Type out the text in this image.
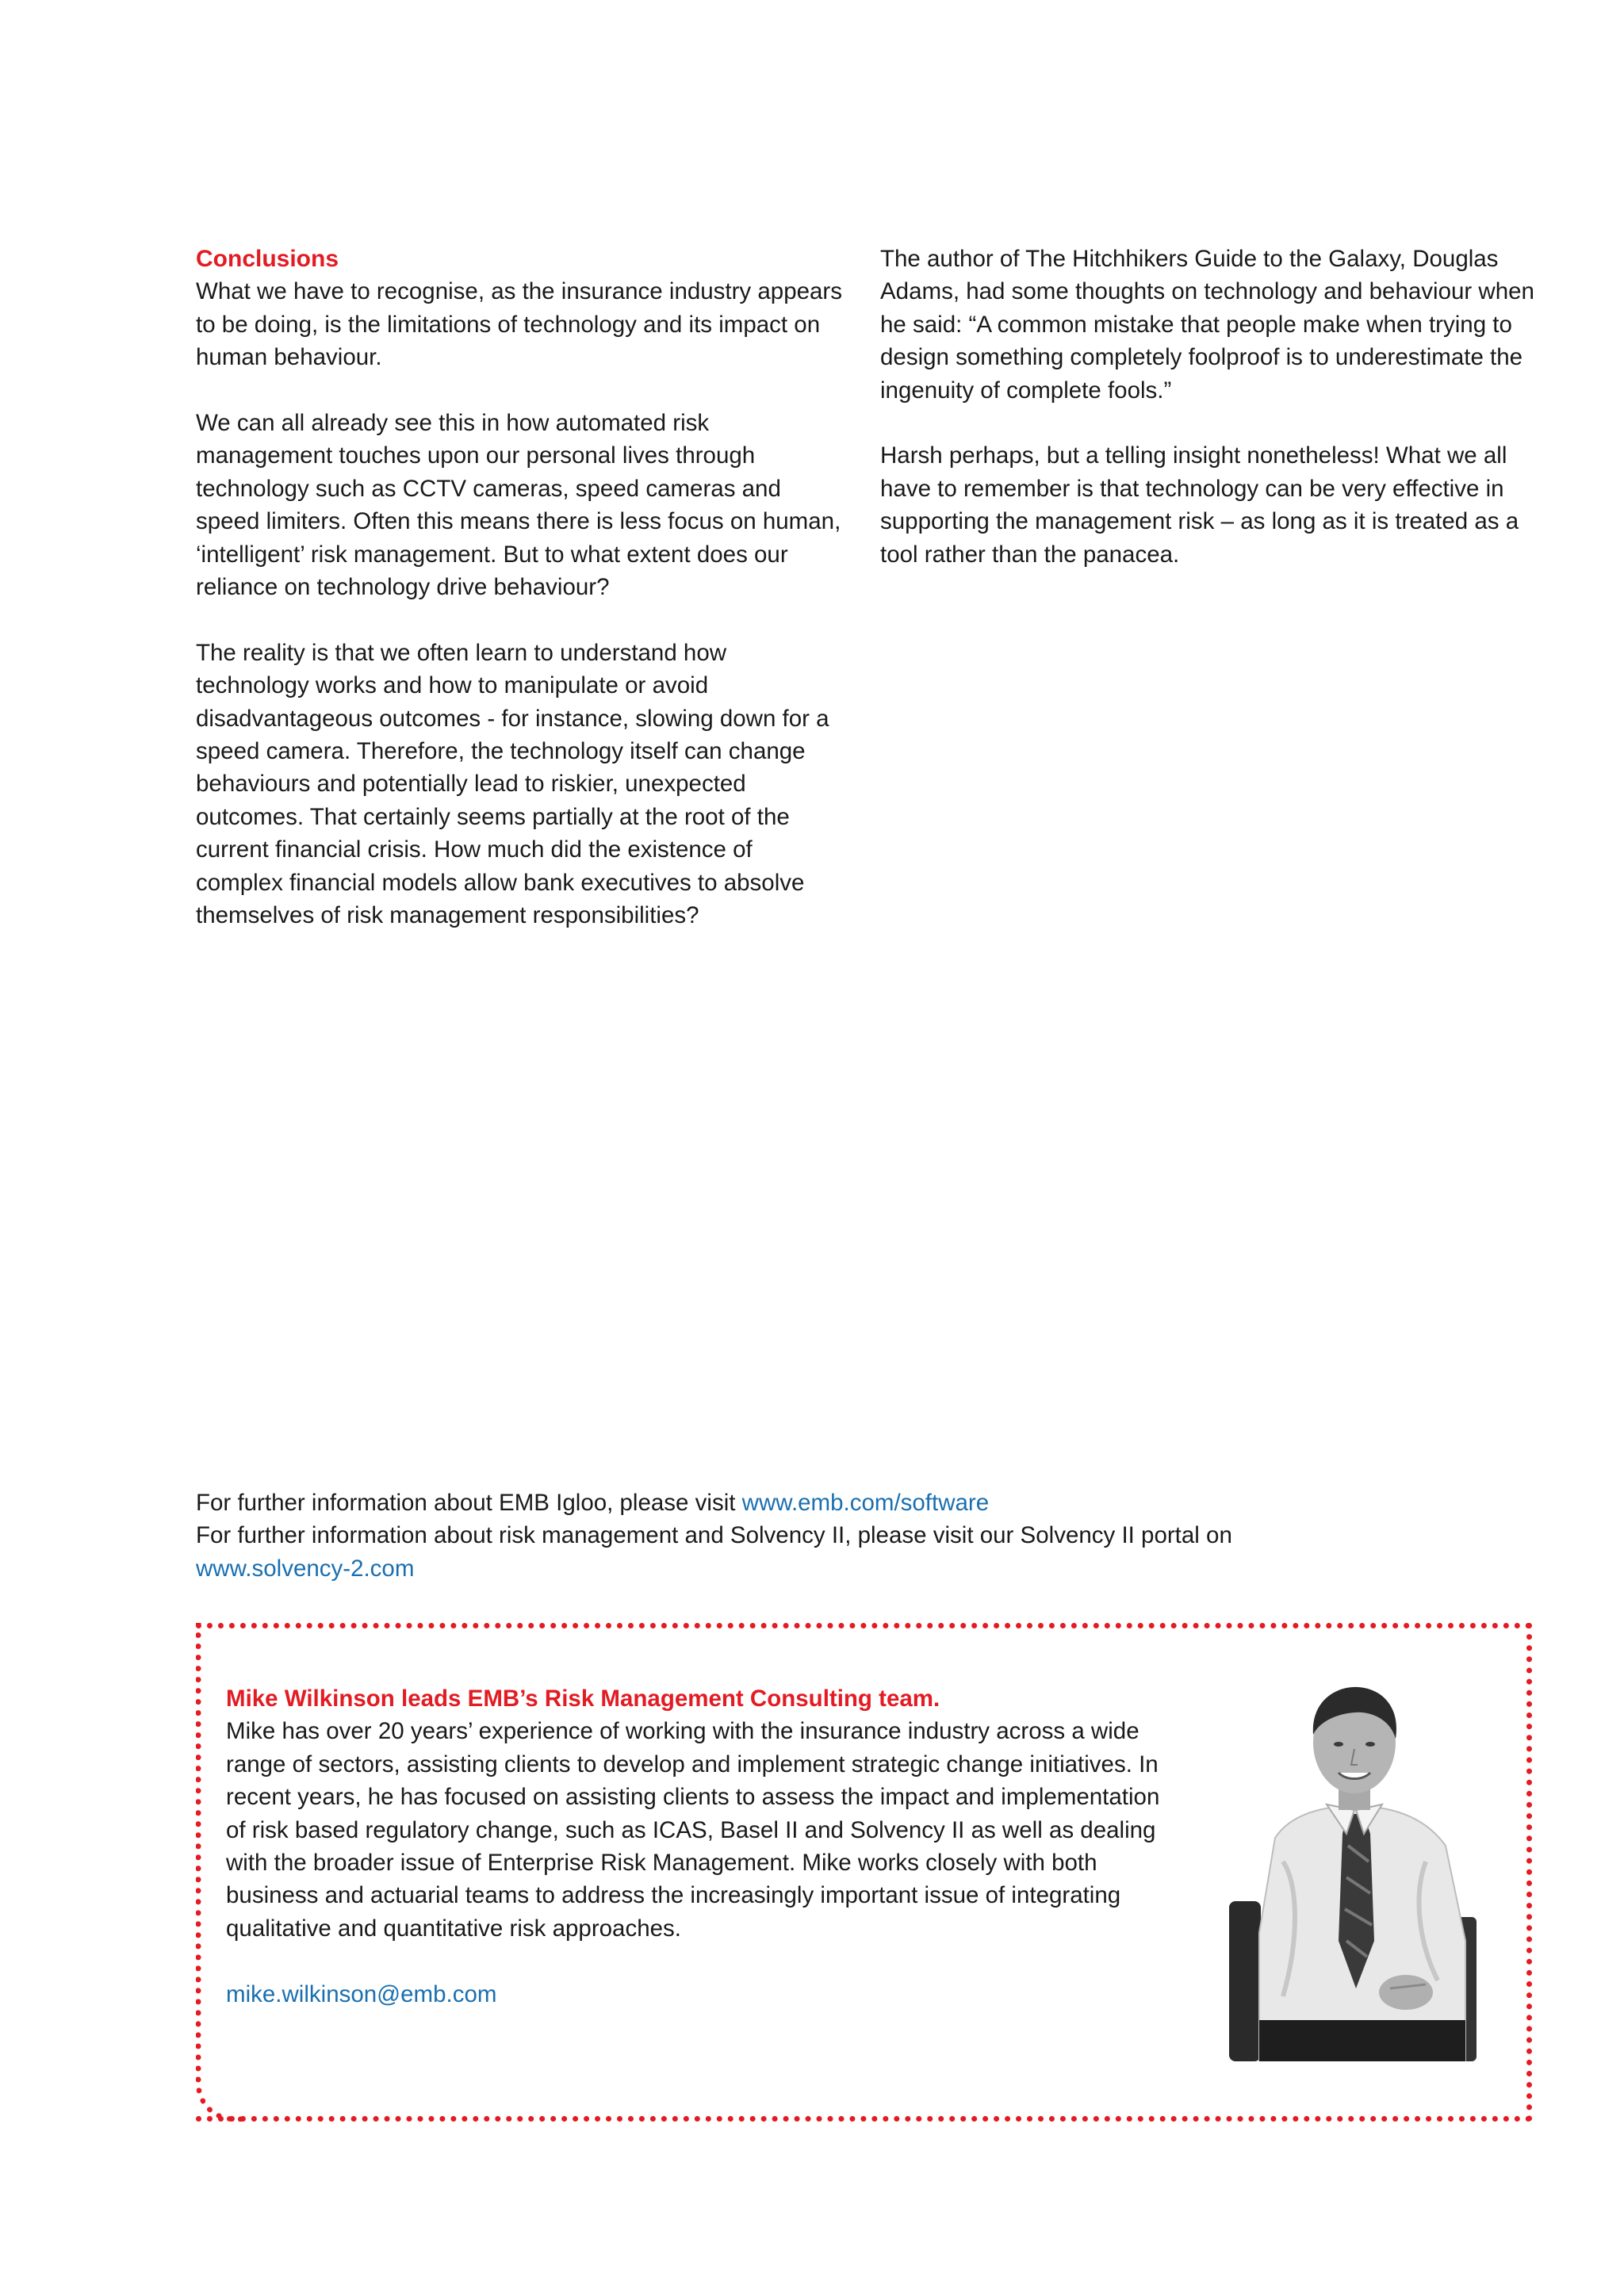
Conclusions

What we have to recognise, as the insurance industry appears to be doing, is the limitations of technology and its impact on human behaviour.

We can all already see this in how automated risk management touches upon our personal lives through technology such as CCTV cameras, speed cameras and speed limiters. Often this means there is less focus on human, ‘intelligent’ risk management. But to what extent does our reliance on technology drive behaviour?

The reality is that we often learn to understand how technology works and how to manipulate or avoid disadvantageous outcomes - for instance, slowing down for a speed camera. Therefore, the technology itself can change behaviours and potentially lead to riskier, unexpected outcomes. That certainly seems partially at the root of the current financial crisis. How much did the existence of complex financial models allow bank executives to absolve themselves of risk management responsibilities?

The author of The Hitchhikers Guide to the Galaxy, Douglas Adams, had some thoughts on technology and behaviour when he said: “A common mistake that people make when trying to design something completely foolproof is to underestimate the ingenuity of complete fools.”

Harsh perhaps, but a telling insight nonetheless! What we all have to remember is that technology can be very effective in supporting the management risk – as long as it is treated as a tool rather than the panacea.

For further information about EMB Igloo, please visit www.emb.com/software

For further information about risk management and Solvency II, please visit our Solvency II portal on

www.solvency-2.com

Mike Wilkinson leads EMB’s Risk Management Consulting team.

Mike has over 20 years’ experience of working with the insurance industry across a wide range of sectors, assisting clients to develop and implement strategic change initiatives. In recent years, he has focused on assisting clients to assess the impact and implementation of risk based regulatory change, such as ICAS, Basel II and Solvency II as well as dealing with the broader issue of Enterprise Risk Management. Mike works closely with both business and actuarial teams to address the increasingly important issue of integrating qualitative and quantitative risk approaches.

mike.wilkinson@emb.com
